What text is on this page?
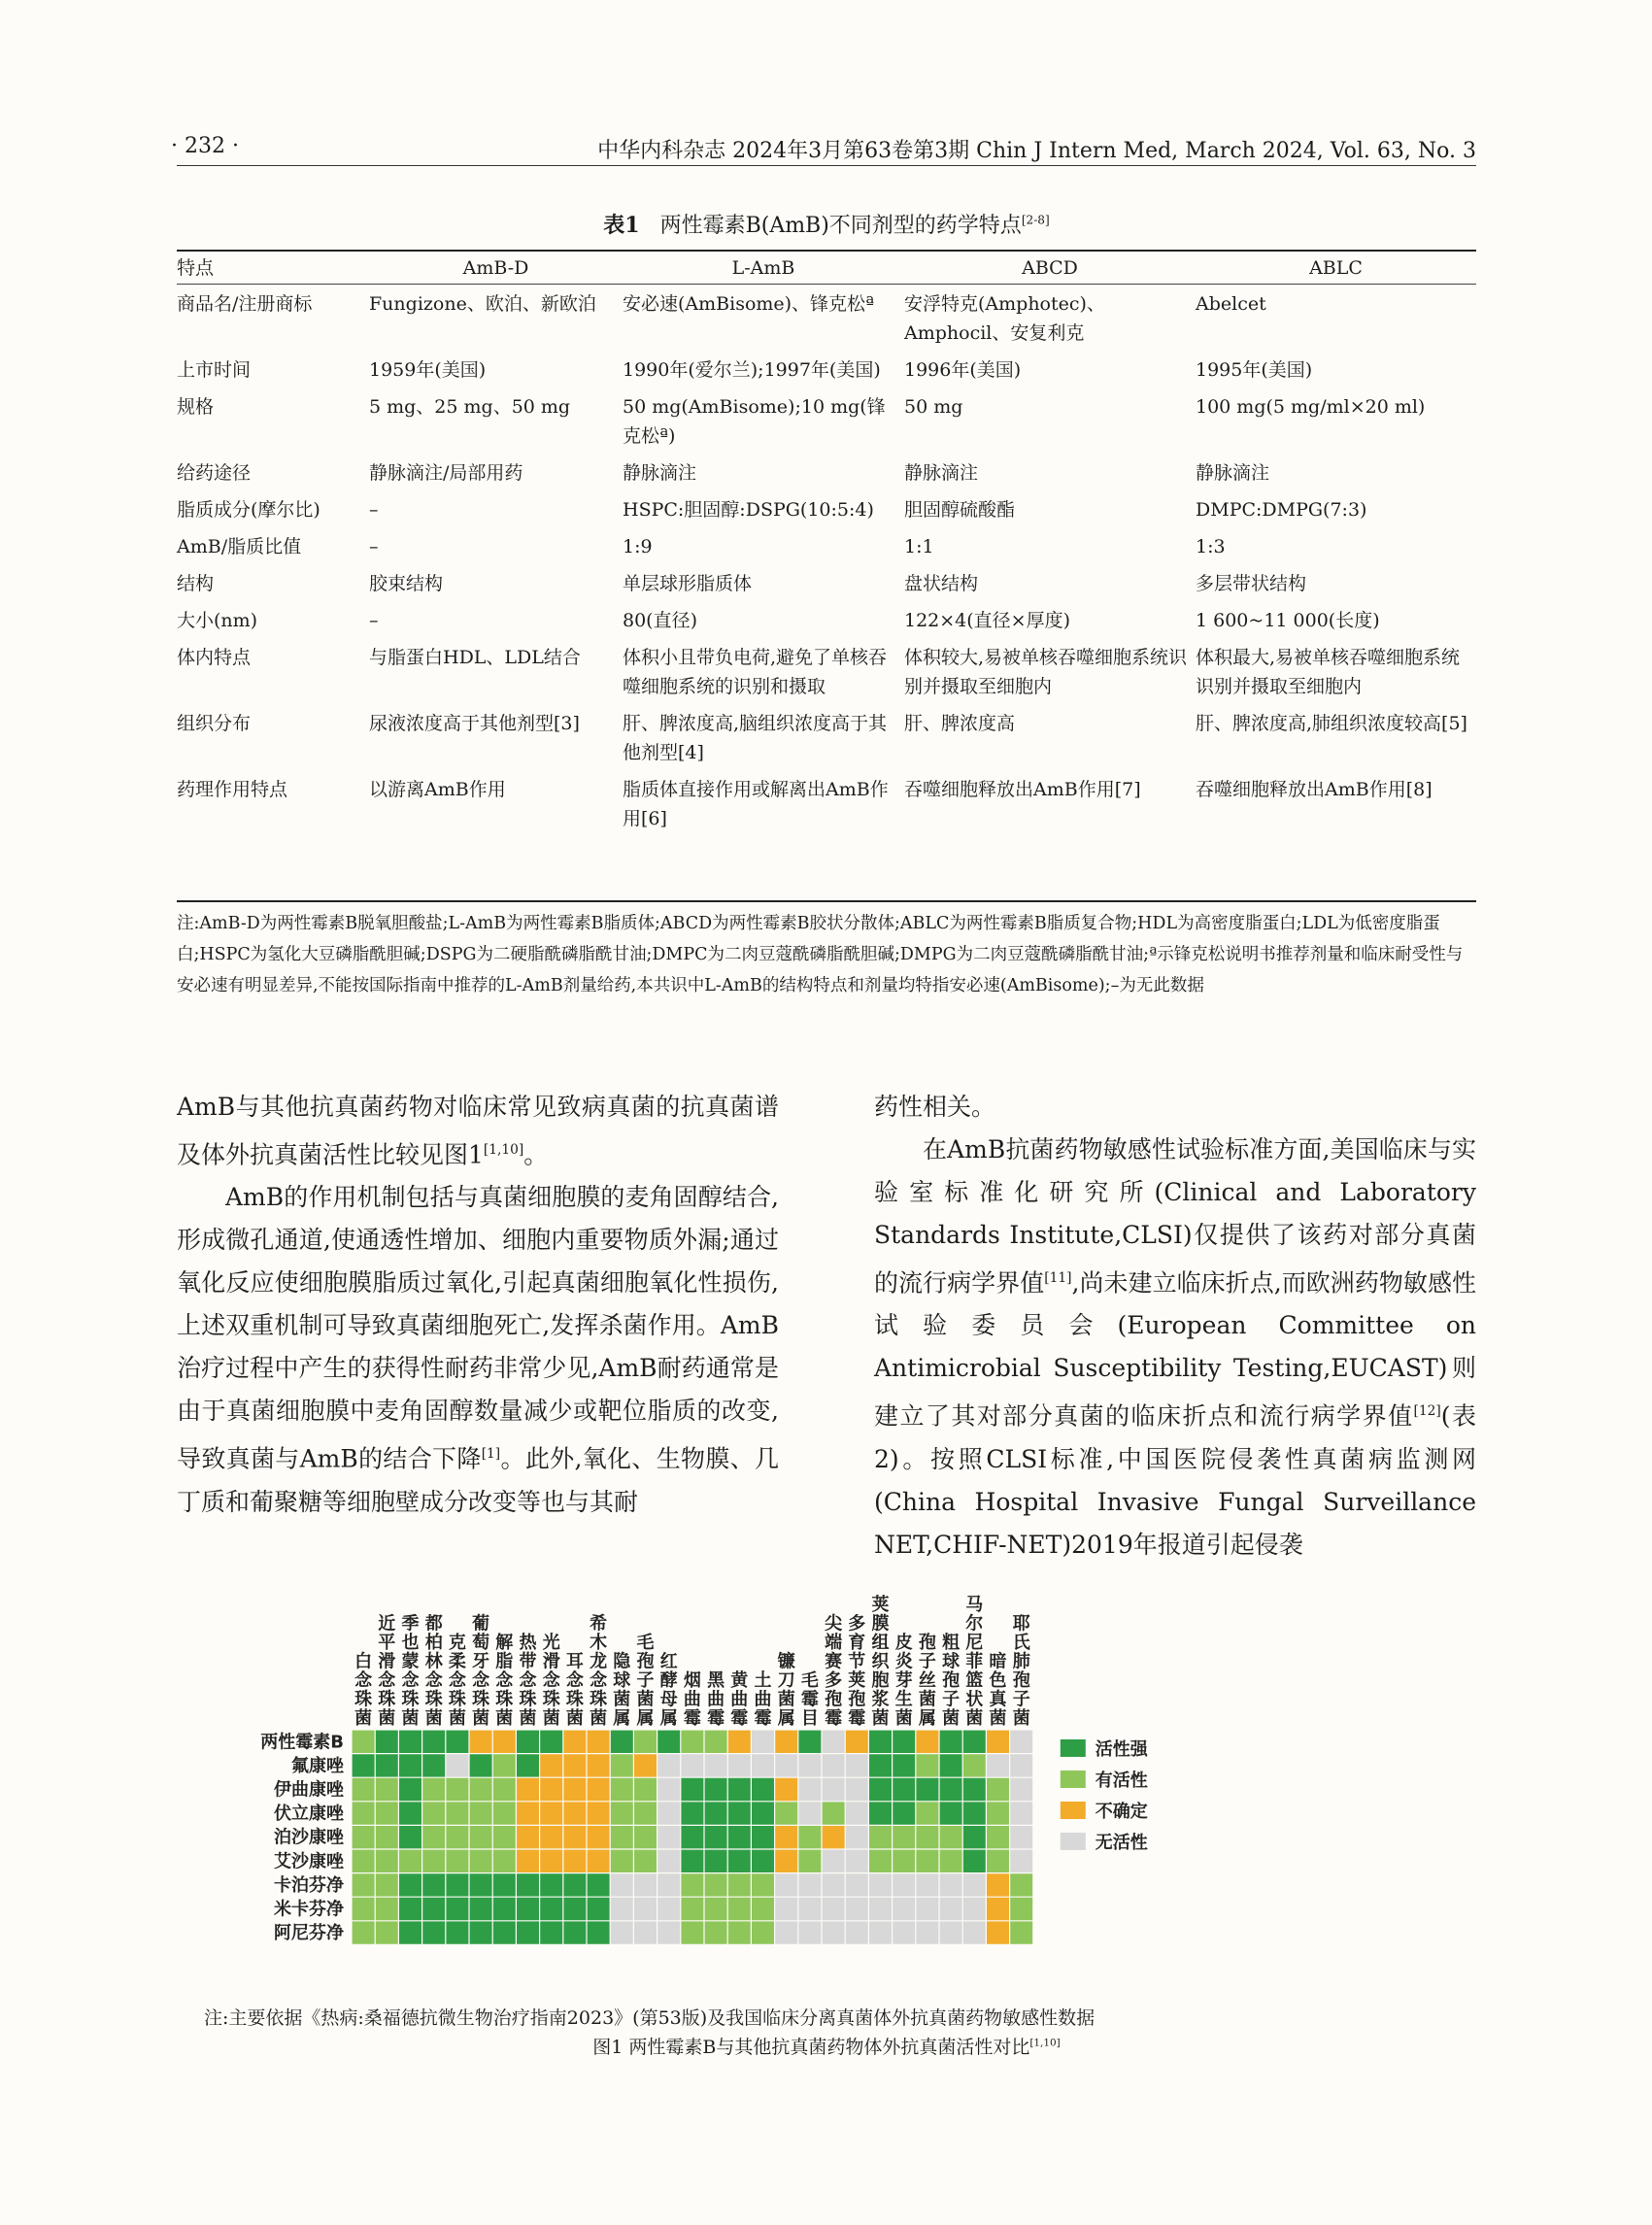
· 232 ·	中华内科杂志 2024年3月第63卷第3期 Chin J Intern Med, March 2024, Vol. 63, No. 3
表1 两性霉素B(AmB)不同剂型的药学特点[2-8]
特点	AmB-D	L-AmB	ABCD	ABLC
商品名/注册商标	Fungizone、欧泊、新欧泊	安必速(AmBisome)、锋克松ª	安浮特克(Amphotec)、Amphocil、安复利克	Abelcet
上市时间	1959年(美国)	1990年(爱尔兰);1997年(美国)	1996年(美国)	1995年(美国)
规格	5 mg、25 mg、50 mg	50 mg(AmBisome);10 mg(锋克松ª)	50 mg	100 mg(5 mg/ml×20 ml)
给药途径	静脉滴注/局部用药	静脉滴注	静脉滴注	静脉滴注
脂质成分(摩尔比)	–	HSPC:胆固醇:DSPG(10:5:4)	胆固醇硫酸酯	DMPC:DMPG(7:3)
AmB/脂质比值	–	1:9	1:1	1:3
结构	胶束结构	单层球形脂质体	盘状结构	多层带状结构
大小(nm)	–	80(直径)	122×4(直径×厚度)	1 600~11 000(长度)
体内特点	与脂蛋白HDL、LDL结合	体积小且带负电荷,避免了单核吞噬细胞系统的识别和摄取	体积较大,易被单核吞噬细胞系统识别并摄取至细胞内	体积最大,易被单核吞噬细胞系统识别并摄取至细胞内
组织分布	尿液浓度高于其他剂型[3]	肝、脾浓度高,脑组织浓度高于其他剂型[4]	肝、脾浓度高	肝、脾浓度高,肺组织浓度较高[5]
药理作用特点	以游离AmB作用	脂质体直接作用或解离出AmB作用[6]	吞噬细胞释放出AmB作用[7]	吞噬细胞释放出AmB作用[8]
注:AmB-D为两性霉素B脱氧胆酸盐;L-AmB为两性霉素B脂质体;ABCD为两性霉素B胶状分散体;ABLC为两性霉素B脂质复合物;HDL为高密度脂蛋白;LDL为低密度脂蛋白;HSPC为氢化大豆磷脂酰胆碱;DSPG为二硬脂酰磷脂酰甘油;DMPC为二肉豆蔻酰磷脂酰胆碱;DMPG为二肉豆蔻酰磷脂酰甘油;ª示锋克松说明书推荐剂量和临床耐受性与安必速有明显差异,不能按国际指南中推荐的L-AmB剂量给药,本共识中L-AmB的结构特点和剂量均特指安必速(AmBisome);–为无此数据

AmB与其他抗真菌药物对临床常见致病真菌的抗真菌谱及体外抗真菌活性比较见图1[1,10]。

AmB的作用机制包括与真菌细胞膜的麦角固醇结合,形成微孔通道,使通透性增加、细胞内重要物质外漏;通过氧化反应使细胞膜脂质过氧化,引起真菌细胞氧化性损伤,上述双重机制可导致真菌细胞死亡,发挥杀菌作用。AmB治疗过程中产生的获得性耐药非常少见,AmB耐药通常是由于真菌细胞膜中麦角固醇数量减少或靶位脂质的改变,导致真菌与AmB的结合下降[1]。此外,氧化、生物膜、几丁质和葡聚糖等细胞壁成分改变等也与其耐

药性相关。

在AmB抗菌药物敏感性试验标准方面,美国临床与实验室标准化研究所(Clinical and Laboratory Standards Institute,CLSI)仅提供了该药对部分真菌的流行病学界值[11],尚未建立临床折点,而欧洲药物敏感性试验委员会(European Committee on Antimicrobial Susceptibility Testing,EUCAST)则建立了其对部分真菌的临床折点和流行病学界值[12](表2)。按照CLSI标准,中国医院侵袭性真菌病监测网(China Hospital Invasive Fungal Surveillance NET,CHIF-NET)2019年报道引起侵袭

白念珠菌
近平滑念珠菌
季也蒙念珠菌
都柏林念珠菌
克柔念珠菌
葡萄牙念珠菌
解脂念珠菌
热带念珠菌
光滑念珠菌
耳念珠菌
希木龙念珠菌
隐球菌属
毛孢子菌属
红酵母属
烟曲霉
黑曲霉
黄曲霉
土曲霉
镰刀菌属
毛霉目
尖端赛多孢霉
多育节荚孢霉
荚膜组织胞浆菌
皮炎芽生菌
孢子丝菌属
粗球孢子菌
马尔尼菲篮状菌
暗色真菌
耶氏肺孢子菌
两性霉素B
氟康唑
伊曲康唑
伏立康唑
泊沙康唑
艾沙康唑
卡泊芬净
米卡芬净
阿尼芬净
活性强
有活性
不确定
无活性
注:主要依据《热病:桑福德抗微生物治疗指南2023》(第53版)及我国临床分离真菌体外抗真菌药物敏感性数据
图1 两性霉素B与其他抗真菌药物体外抗真菌活性对比[1,10]
